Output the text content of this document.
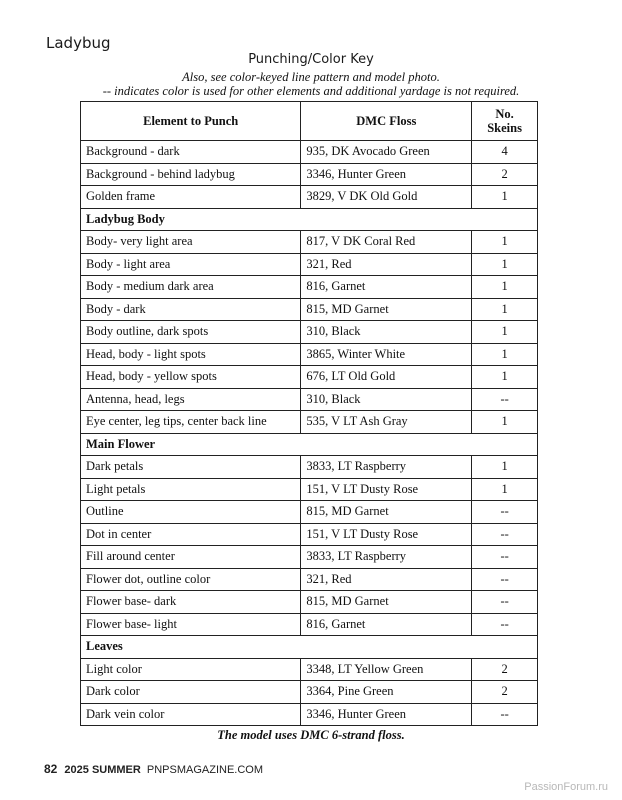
Ladybug
Punching/Color Key
Also, see color-keyed line pattern and model photo.
-- indicates color is used for other elements and additional yardage is not required.
Element to Punch	DMC Floss	No. Skeins
Background - dark	935, DK Avocado Green	4
Background - behind ladybug	3346, Hunter Green	2
Golden frame	3829, V DK Old Gold	1
Ladybug Body		
Body- very light area	817, V DK Coral Red	1
Body - light area	321, Red	1
Body - medium dark area	816, Garnet	1
Body - dark	815, MD Garnet	1
Body outline, dark spots	310, Black	1
Head, body - light spots	3865, Winter White	1
Head, body - yellow spots	676, LT Old Gold	1
Antenna, head, legs	310, Black	--
Eye center, leg tips, center back line	535, V LT Ash Gray	1
Main Flower		
Dark petals	3833, LT Raspberry	1
Light petals	151, V LT Dusty Rose	1
Outline	815, MD Garnet	--
Dot in center	151, V LT Dusty Rose	--
Fill around center	3833, LT Raspberry	--
Flower dot, outline color	321, Red	--
Flower base- dark	815, MD Garnet	--
Flower base- light	816, Garnet	--
Leaves		
Light color	3348, LT Yellow Green	2
Dark color	3364, Pine Green	2
Dark vein color	3346, Hunter Green	--
The model uses DMC 6-strand floss.
82 2025 SUMMER PNPSMAGAZINE.COM
PassionForum.ru
